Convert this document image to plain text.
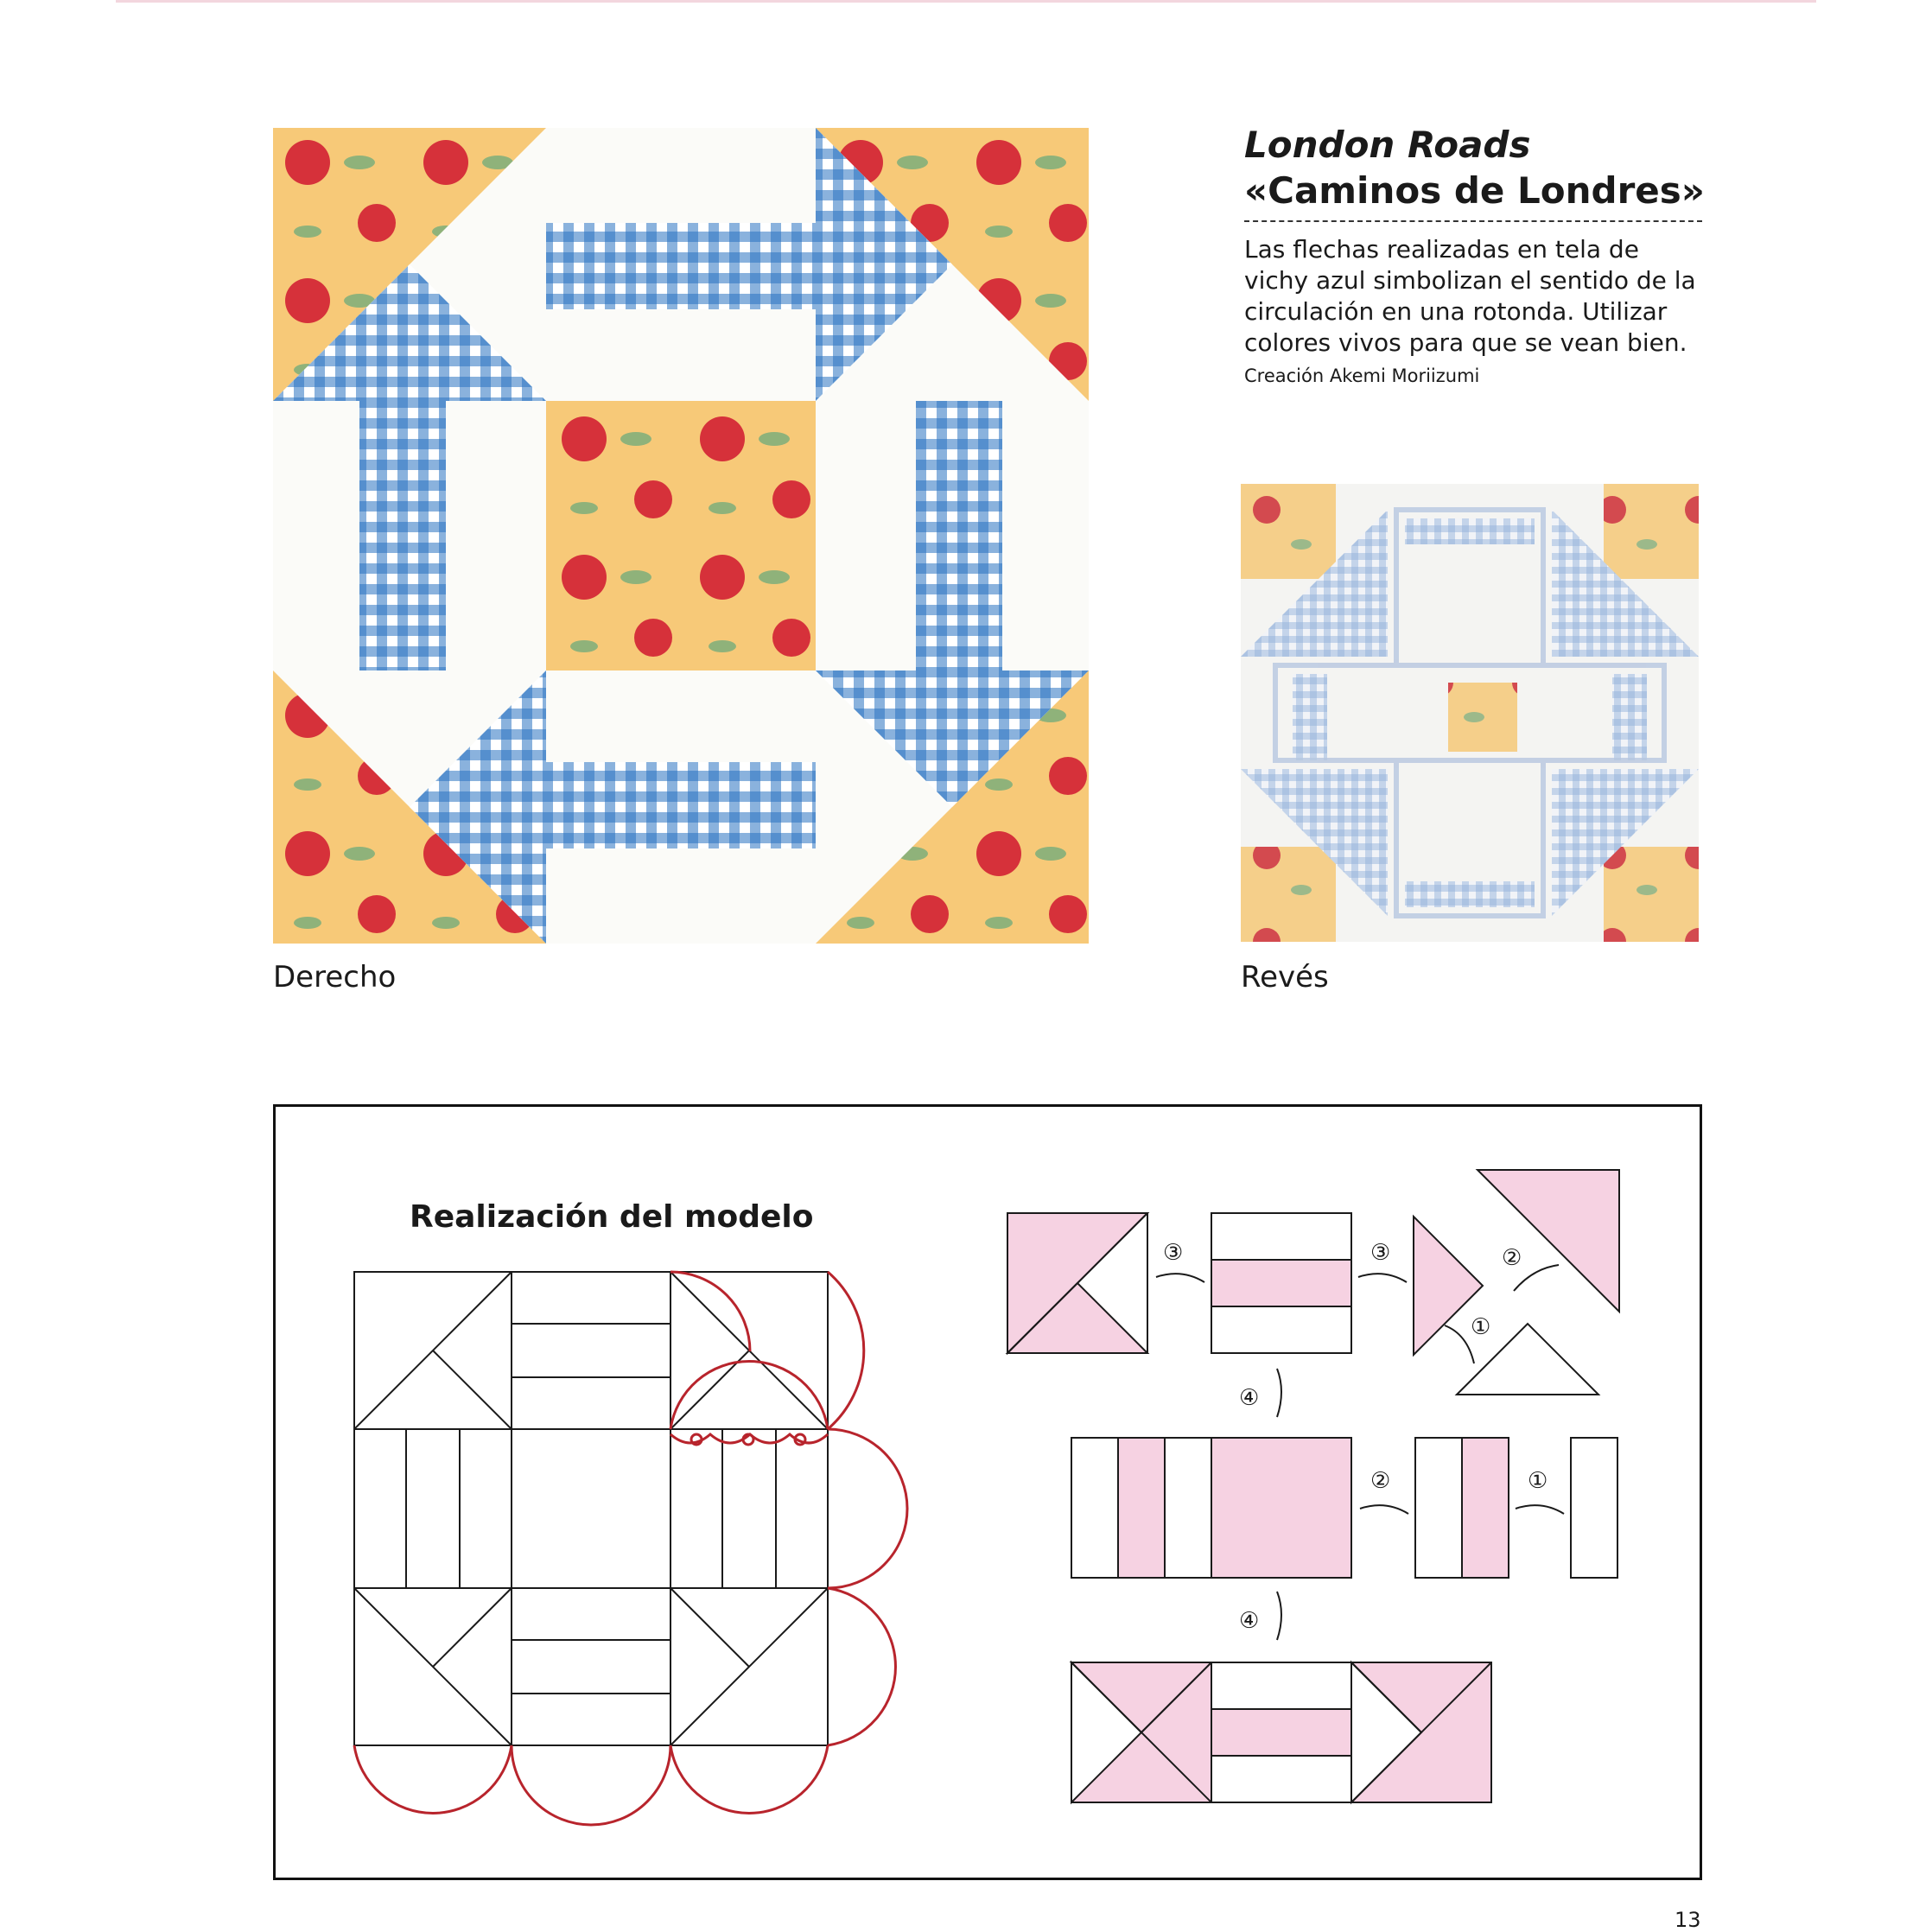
Derecho

London Roads

«Caminos de Londres»

Las flechas realizadas en tela de vichy azul simbolizan el sentido de la circulación en una rotonda. Utilizar colores vivos para que se vean bien.

Creación Akemi Moriizumi
Revés
Realización del modelo
③	③	②
①
④
②	①
④
13
